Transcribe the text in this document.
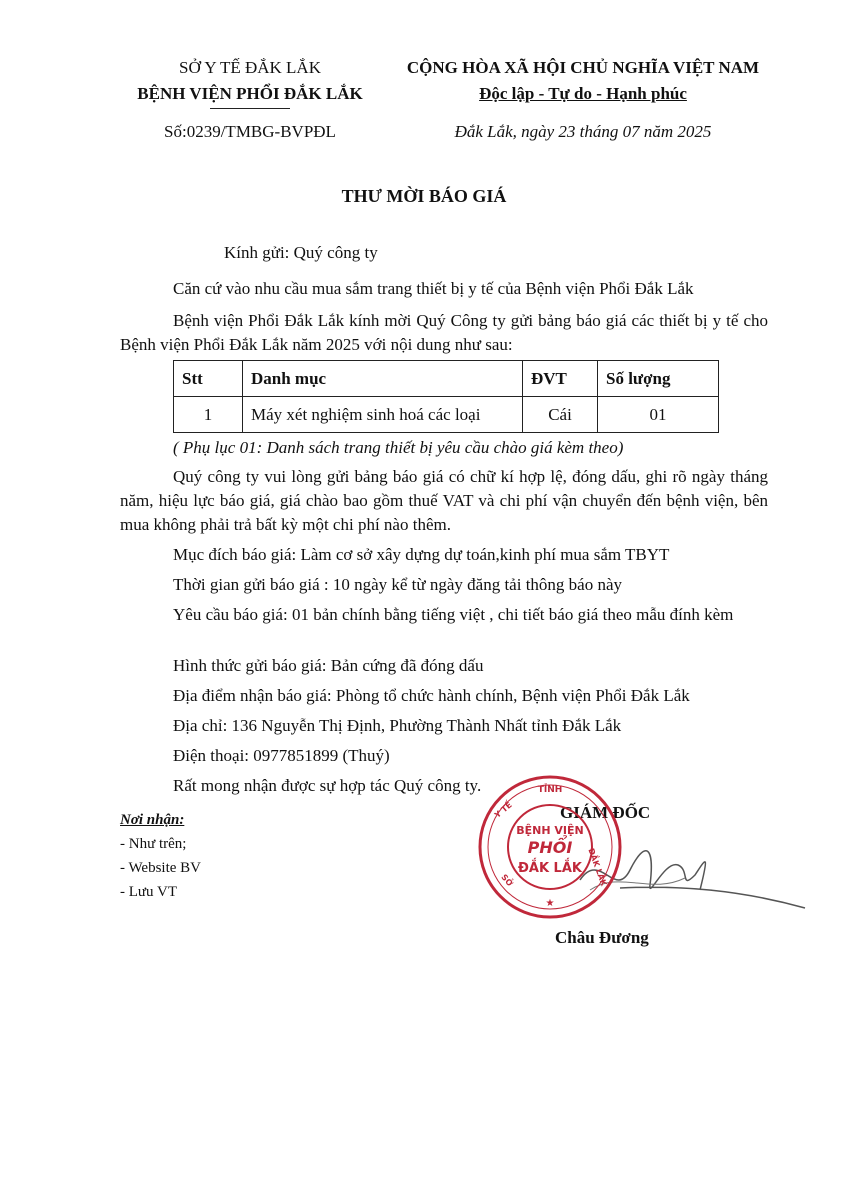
SỞ Y TẾ ĐẮK LẮK
BỆNH VIỆN PHỔI ĐẮK LẮK
Số:0239/TMBG-BVPĐL
CỘNG HÒA XÃ HỘI CHỦ NGHĨA VIỆT NAM
Độc lập - Tự do - Hạnh phúc
Đắk Lắk, ngày 23 tháng 07 năm 2025
THƯ MỜI BÁO GIÁ
Kính gửi: Quý công ty
Căn cứ vào nhu cầu mua sắm trang thiết bị y tế của Bệnh viện Phổi Đắk Lắk
Bệnh viện Phổi Đắk Lắk kính mời Quý Công ty gửi bảng báo giá các thiết bị y tế cho Bệnh viện Phổi Đắk Lắk năm 2025 với nội dung như sau:
Stt	Danh mục	ĐVT	Số lượng
1	Máy xét nghiệm sinh hoá các loại	Cái	01
( Phụ lục 01: Danh sách trang thiết bị yêu cầu chào giá kèm theo)
Quý công ty vui lòng gửi bảng báo giá có chữ kí hợp lệ, đóng dấu, ghi rõ ngày tháng năm, hiệu lực báo giá, giá chào bao gồm thuế VAT và chi phí vận chuyển đến bệnh viện, bên mua không phải trả bất kỳ một chi phí nào thêm.
Mục đích báo giá: Làm cơ sở xây dựng dự toán,kinh phí mua sắm TBYT
Thời gian gửi báo giá : 10 ngày kể từ ngày đăng tải thông báo này
Yêu cầu báo giá: 01 bản chính bằng tiếng việt , chi tiết báo giá theo mẫu đính kèm
Hình thức gửi báo giá: Bản cứng đã đóng dấu
Địa điểm nhận báo giá: Phòng tổ chức hành chính, Bệnh viện Phổi Đắk Lắk
Địa chỉ: 136 Nguyễn Thị Định, Phường Thành Nhất tỉnh Đắk Lắk
Điện thoại: 0977851899 (Thuý)
Rất mong nhận được sự hợp tác Quý công ty.
Nơi nhận:
- Như trên;
- Website BV
- Lưu VT
GIÁM ĐỐC
BỆNH VIỆN
PHỔI
ĐẮK LẮK
TỈNH
Y TẾ
ĐẮK LẮK
SỞ
★
Châu Đương
